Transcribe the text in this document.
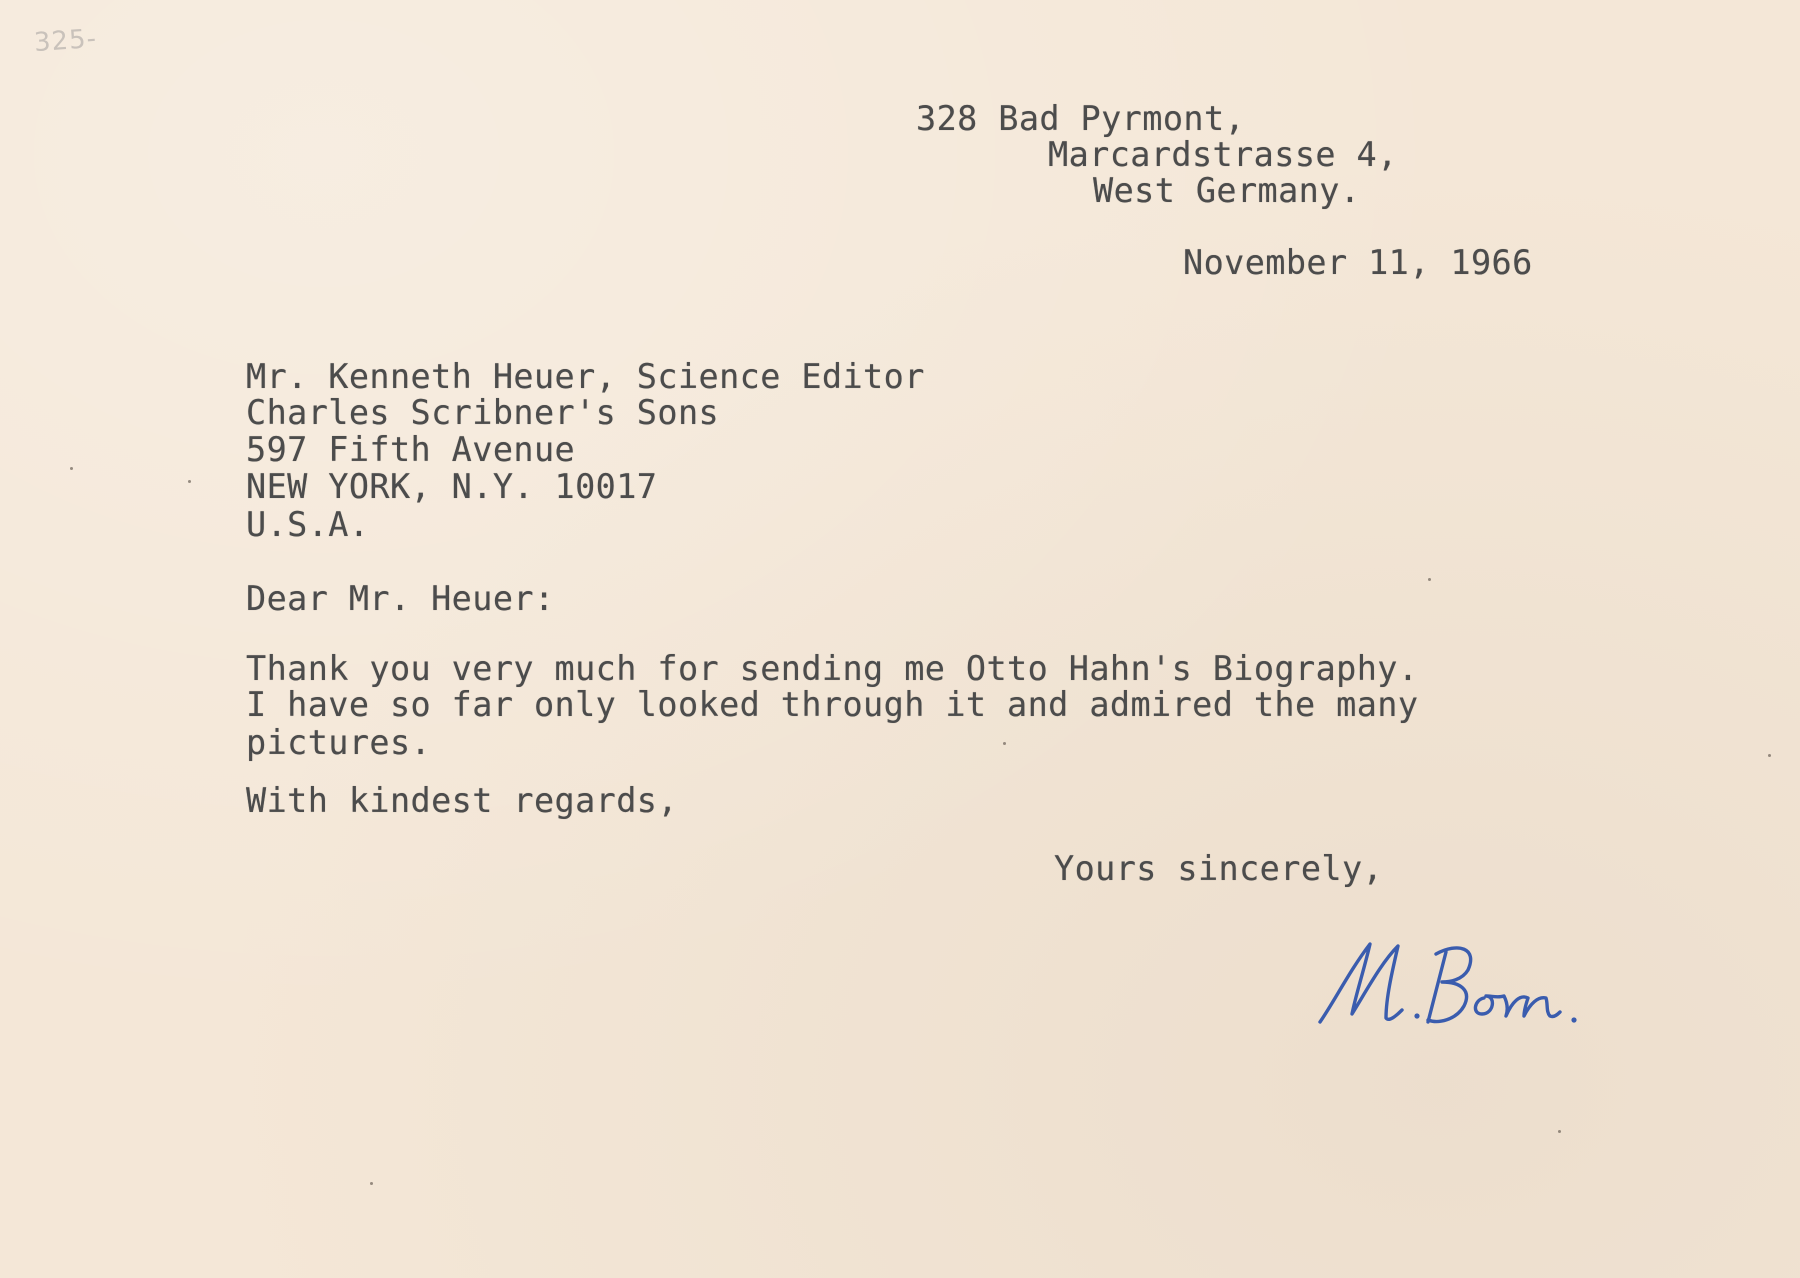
325-

328 Bad Pyrmont,

Marcardstrasse 4,

West Germany.

November 11, 1966

Mr. Kenneth Heuer, Science Editor

Charles Scribner's Sons

597 Fifth Avenue

NEW YORK, N.Y. 10017

U.S.A.

Dear Mr. Heuer:

Thank you very much for sending me Otto Hahn's Biography.

I have so far only looked through it and admired the many

pictures.

With kindest regards,

Yours sincerely,
